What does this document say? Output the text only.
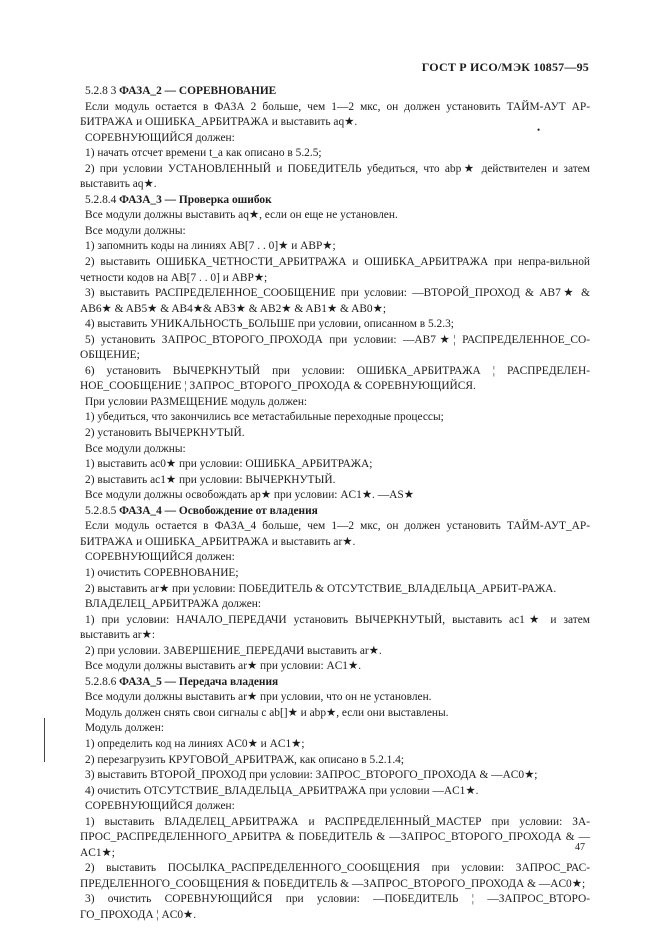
ГОСТ Р ИСО/МЭК 10857—95
•
5.2.8 3 ФАЗА_2 — СОРЕВНОВАНИЕ
Если модуль остается в ФАЗА 2 больше, чем 1—2 мкс, он должен установить ТАЙМ-АУТ АР-БИТРАЖА и ОШИБКА_АРБИТРАЖА и выставить aq★.
СОРЕВНУЮЩИЙСЯ должен:
1) начать отсчет времени t_a как описано в 5.2.5;
2) при условии УСТАНОВЛЕННЫЙ и ПОБЕДИТЕЛЬ убедиться, что abp★ действителен и затем выставить aq★.
5.2.8.4 ФАЗА_3 — Проверка ошибок
Все модули должны выставить aq★, если он еще не установлен.
Все модули должны:
1) запомнить коды на линиях AB[7 . . 0]★ и ABP★;
2) выставить ОШИБКА_ЧЕТНОСТИ_АРБИТРАЖА и ОШИБКА_АРБИТРАЖА при непра-вильной четности кодов на AB[7 . . 0] и ABP★;
3) выставить РАСПРЕДЕЛЕННОЕ_СООБЩЕНИЕ при условии: —ВТОРОЙ_ПРОХОД & AB7★ & AB6★ & AB5★ & AB4★& AB3★ & AB2★ & AB1★ & AB0★;
4) выставить УНИКАЛЬНОСТЬ_БОЛЬШЕ при условии, описанном в 5.2.3;
5) установить ЗАПРОС_ВТОРОГО_ПРОХОДА при условии: —AB7★¦ РАСПРЕДЕЛЕННОЕ_СО-ОБЩЕНИЕ;
6) установить ВЫЧЕРКНУТЫЙ при условии: ОШИБКА_АРБИТРАЖА ¦ РАСПРЕДЕЛЕН-НОЕ_СООБЩЕНИЕ ¦ ЗАПРОС_ВТОРОГО_ПРОХОДА & СОРЕВНУЮЩИЙСЯ.
При условии РАЗМЕЩЕНИЕ модуль должен:
1) убедиться, что закончились все метастабильные переходные процессы;
2) установить ВЫЧЕРКНУТЫЙ.
Все модули должны:
1) выставить ac0★ при условии: ОШИБКА_АРБИТРАЖА;
2) выставить ac1★ при условии: ВЫЧЕРКНУТЫЙ.
Все модули должны освобождать ap★ при условии: AC1★. —AS★
5.2.8.5 ФАЗА_4 — Освобождение от владения
Если модуль остается в ФАЗА_4 больше, чем 1—2 мкс, он должен установить ТАЙМ-АУТ_АР-БИТРАЖА и ОШИБКА_АРБИТРАЖА и выставить ar★.
СОРЕВНУЮЩИЙСЯ должен:
1) очистить СОРЕВНОВАНИЕ;
2) выставить ar★ при условии: ПОБЕДИТЕЛЬ & ОТСУТСТВИЕ_ВЛАДЕЛЬЦА_АРБИТ-РАЖА.
ВЛАДЕЛЕЦ_АРБИТРАЖА должен:
1) при условии: НАЧАЛО_ПЕРЕДАЧИ установить ВЫЧЕРКНУТЫЙ, выставить ac1★ и затем выставить ar★:
2) при условии. ЗАВЕРШЕНИЕ_ПЕРЕДАЧИ выставить ar★.
Все модули должны выставить ar★ при условии: AC1★.
5.2.8.6 ФАЗА_5 — Передача владения
Все модули должны выставить ar★ при условии, что он не установлен.
Модуль должен снять свои сигналы с ab[]★ и abp★, если они выставлены.
Модуль должен:
1) определить код на линиях AC0★ и AC1★;
2) перезагрузить КРУГОВОЙ_АРБИТРАЖ, как описано в 5.2.1.4;
3) выставить ВТОРОЙ_ПРОХОД при условии: ЗАПРОС_ВТОРОГО_ПРОХОДА & —AC0★;
4) очистить ОТСУТСТВИЕ_ВЛАДЕЛЬЦА_АРБИТРАЖА при условии —AC1★.
СОРЕВНУЮЩИЙСЯ должен:
1) выставить ВЛАДЕЛЕЦ_АРБИТРАЖА и РАСПРЕДЕЛЕННЫЙ_МАСТЕР при условии: ЗА-ПРОС_РАСПРЕДЕЛЕННОГО_АРБИТРА & ПОБЕДИТЕЛЬ & —ЗАПРОС_ВТОРОГО_ПРОХОДА & —AC1★;
2) выставить ПОСЫЛКА_РАСПРЕДЕЛЕННОГО_СООБЩЕНИЯ при условии: ЗАПРОС_РАС-ПРЕДЕЛЕННОГО_СООБЩЕНИЯ & ПОБЕДИТЕЛЬ & —ЗАПРОС_ВТОРОГО_ПРОХОДА & —AC0★;
3) очистить СОРЕВНУЮЩИЙСЯ при условии: —ПОБЕДИТЕЛЬ ¦ —ЗАПРОС_ВТОРО-ГО_ПРОХОДА ¦ AC0★.
47
